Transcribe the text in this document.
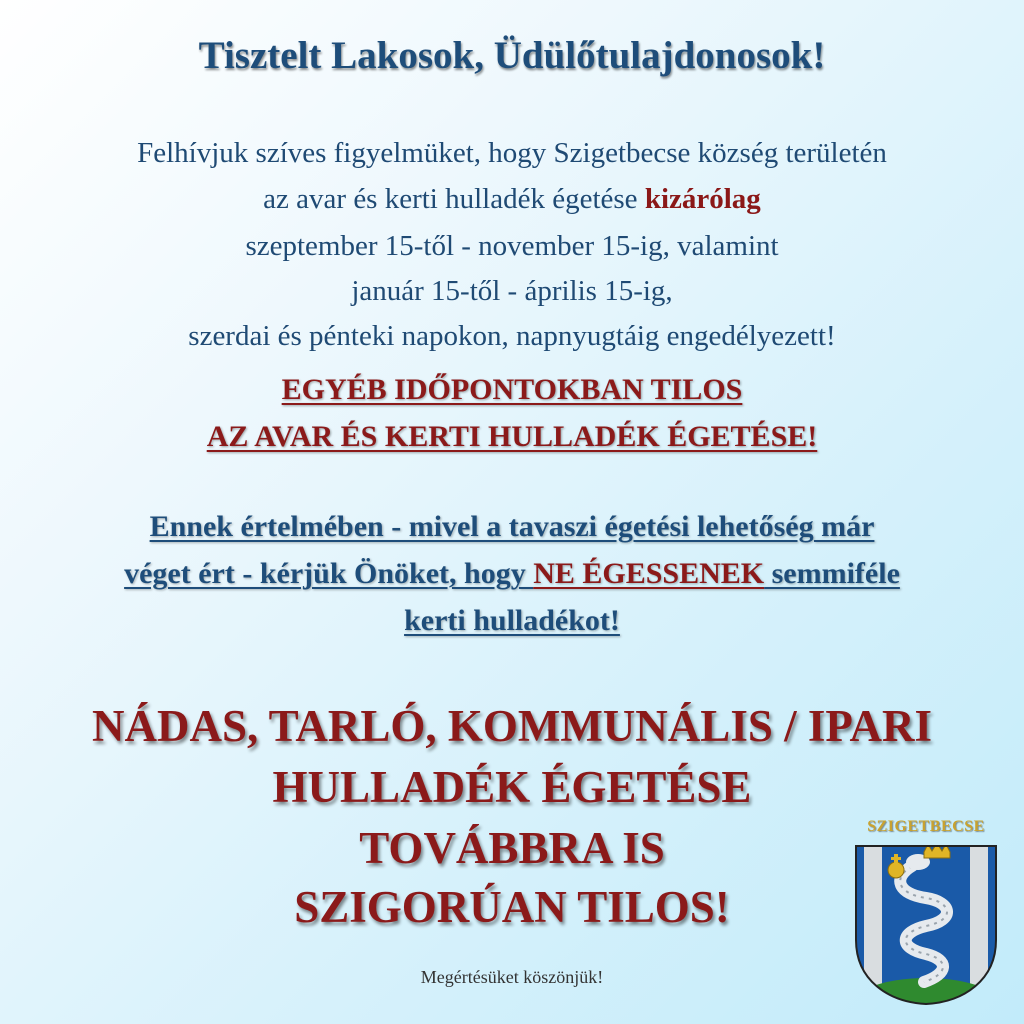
Tisztelt Lakosok, Üdülőtulajdonosok!
Felhívjuk szíves figyelmüket, hogy Szigetbecse község területén
az avar és kerti hulladék égetése kizárólag
szeptember 15-től - november 15-ig, valamint
január 15-től - április 15-ig,
szerdai és pénteki napokon, napnyugtáig engedélyezett!
EGYÉB IDŐPONTOKBAN TILOS
AZ AVAR ÉS KERTI HULLADÉK ÉGETÉSE!
Ennek értelmében - mivel a tavaszi égetési lehetőség már
véget ért - kérjük Önöket, hogy NE ÉGESSENEK semmiféle
kerti hulladékot!
NÁDAS, TARLÓ, KOMMUNÁLIS / IPARI
HULLADÉK ÉGETÉSE
TOVÁBBRA IS
SZIGORÚAN TILOS!
Megértésüket köszönjük!
SZIGETBECSE
